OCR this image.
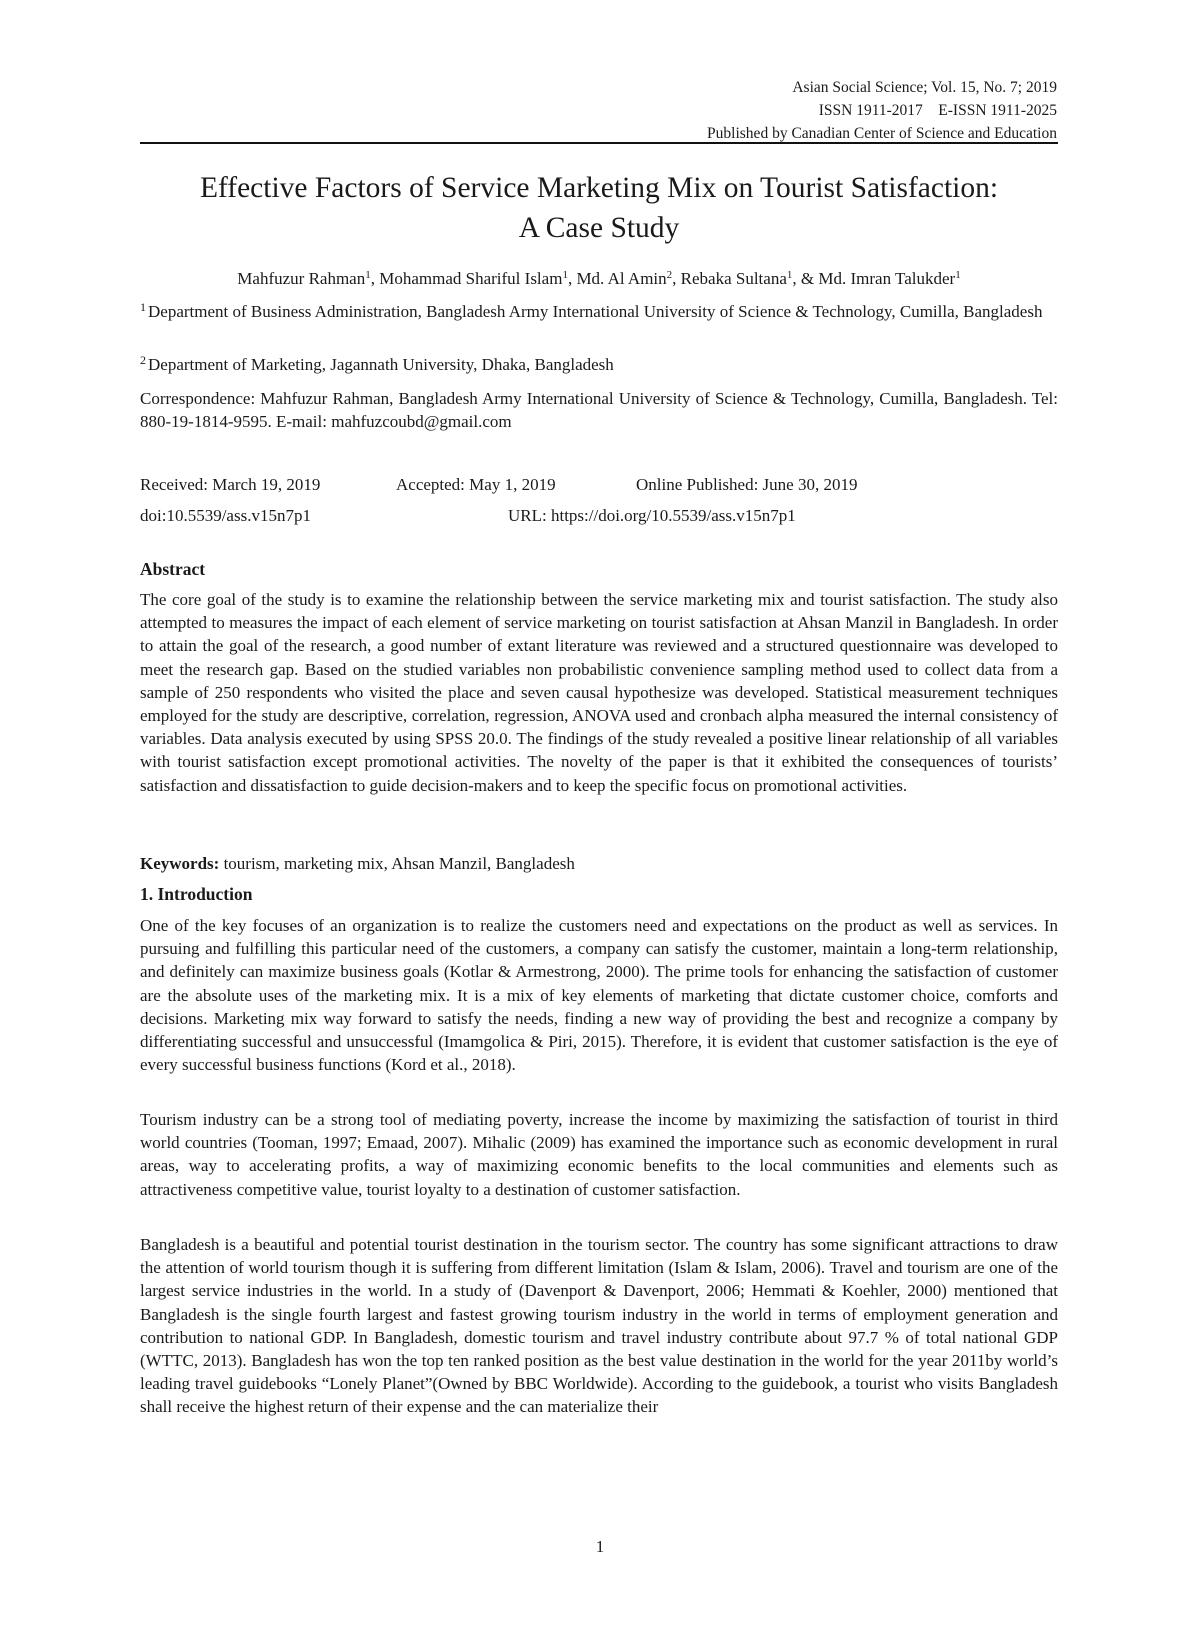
Asian Social Science; Vol. 15, No. 7; 2019
ISSN 1911-2017    E-ISSN 1911-2025
Published by Canadian Center of Science and Education
Effective Factors of Service Marketing Mix on Tourist Satisfaction:
A Case Study
Mahfuzur Rahman$^1$, Mohammad Shariful Islam$^1$, Md. Al Amin$^2$, Rebaka Sultana$^1$, & Md. Imran Talukder$^1$
$^1$ Department of Business Administration, Bangladesh Army International University of Science & Technology, Cumilla, Bangladesh
$^2$ Department of Marketing, Jagannath University, Dhaka, Bangladesh
Correspondence: Mahfuzur Rahman, Bangladesh Army International University of Science & Technology, Cumilla, Bangladesh. Tel: 880-19-1814-9595. E-mail: mahfuzcoubd@gmail.com
Received: March 19, 2019	Accepted: May 1, 2019	Online Published: June 30, 2019
doi:10.5539/ass.v15n7p1	URL: https://doi.org/10.5539/ass.v15n7p1
Abstract
The core goal of the study is to examine the relationship between the service marketing mix and tourist satisfaction. The study also attempted to measures the impact of each element of service marketing on tourist satisfaction at Ahsan Manzil in Bangladesh. In order to attain the goal of the research, a good number of extant literature was reviewed and a structured questionnaire was developed to meet the research gap. Based on the studied variables non probabilistic convenience sampling method used to collect data from a sample of 250 respondents who visited the place and seven causal hypothesize was developed. Statistical measurement techniques employed for the study are descriptive, correlation, regression, ANOVA used and cronbach alpha measured the internal consistency of variables. Data analysis executed by using SPSS 20.0. The findings of the study revealed a positive linear relationship of all variables with tourist satisfaction except promotional activities. The novelty of the paper is that it exhibited the consequences of tourists’ satisfaction and dissatisfaction to guide decision-makers and to keep the specific focus on promotional activities.
Keywords: tourism, marketing mix, Ahsan Manzil, Bangladesh
1. Introduction
One of the key focuses of an organization is to realize the customers need and expectations on the product as well as services. In pursuing and fulfilling this particular need of the customers, a company can satisfy the customer, maintain a long-term relationship, and definitely can maximize business goals (Kotlar & Armestrong, 2000). The prime tools for enhancing the satisfaction of customer are the absolute uses of the marketing mix. It is a mix of key elements of marketing that dictate customer choice, comforts and decisions. Marketing mix way forward to satisfy the needs, finding a new way of providing the best and recognize a company by differentiating successful and unsuccessful (Imamgolica & Piri, 2015). Therefore, it is evident that customer satisfaction is the eye of every successful business functions (Kord et al., 2018).
Tourism industry can be a strong tool of mediating poverty, increase the income by maximizing the satisfaction of tourist in third world countries (Tooman, 1997; Emaad, 2007). Mihalic (2009) has examined the importance such as economic development in rural areas, way to accelerating profits, a way of maximizing economic benefits to the local communities and elements such as attractiveness competitive value, tourist loyalty to a destination of customer satisfaction.
Bangladesh is a beautiful and potential tourist destination in the tourism sector. The country has some significant attractions to draw the attention of world tourism though it is suffering from different limitation (Islam & Islam, 2006). Travel and tourism are one of the largest service industries in the world. In a study of (Davenport & Davenport, 2006; Hemmati & Koehler, 2000) mentioned that Bangladesh is the single fourth largest and fastest growing tourism industry in the world in terms of employment generation and contribution to national GDP. In Bangladesh, domestic tourism and travel industry contribute about 97.7 % of total national GDP (WTTC, 2013). Bangladesh has won the top ten ranked position as the best value destination in the world for the year 2011by world’s leading travel guidebooks “Lonely Planet”(Owned by BBC Worldwide). According to the guidebook, a tourist who visits Bangladesh shall receive the highest return of their expense and the can materialize their
1
